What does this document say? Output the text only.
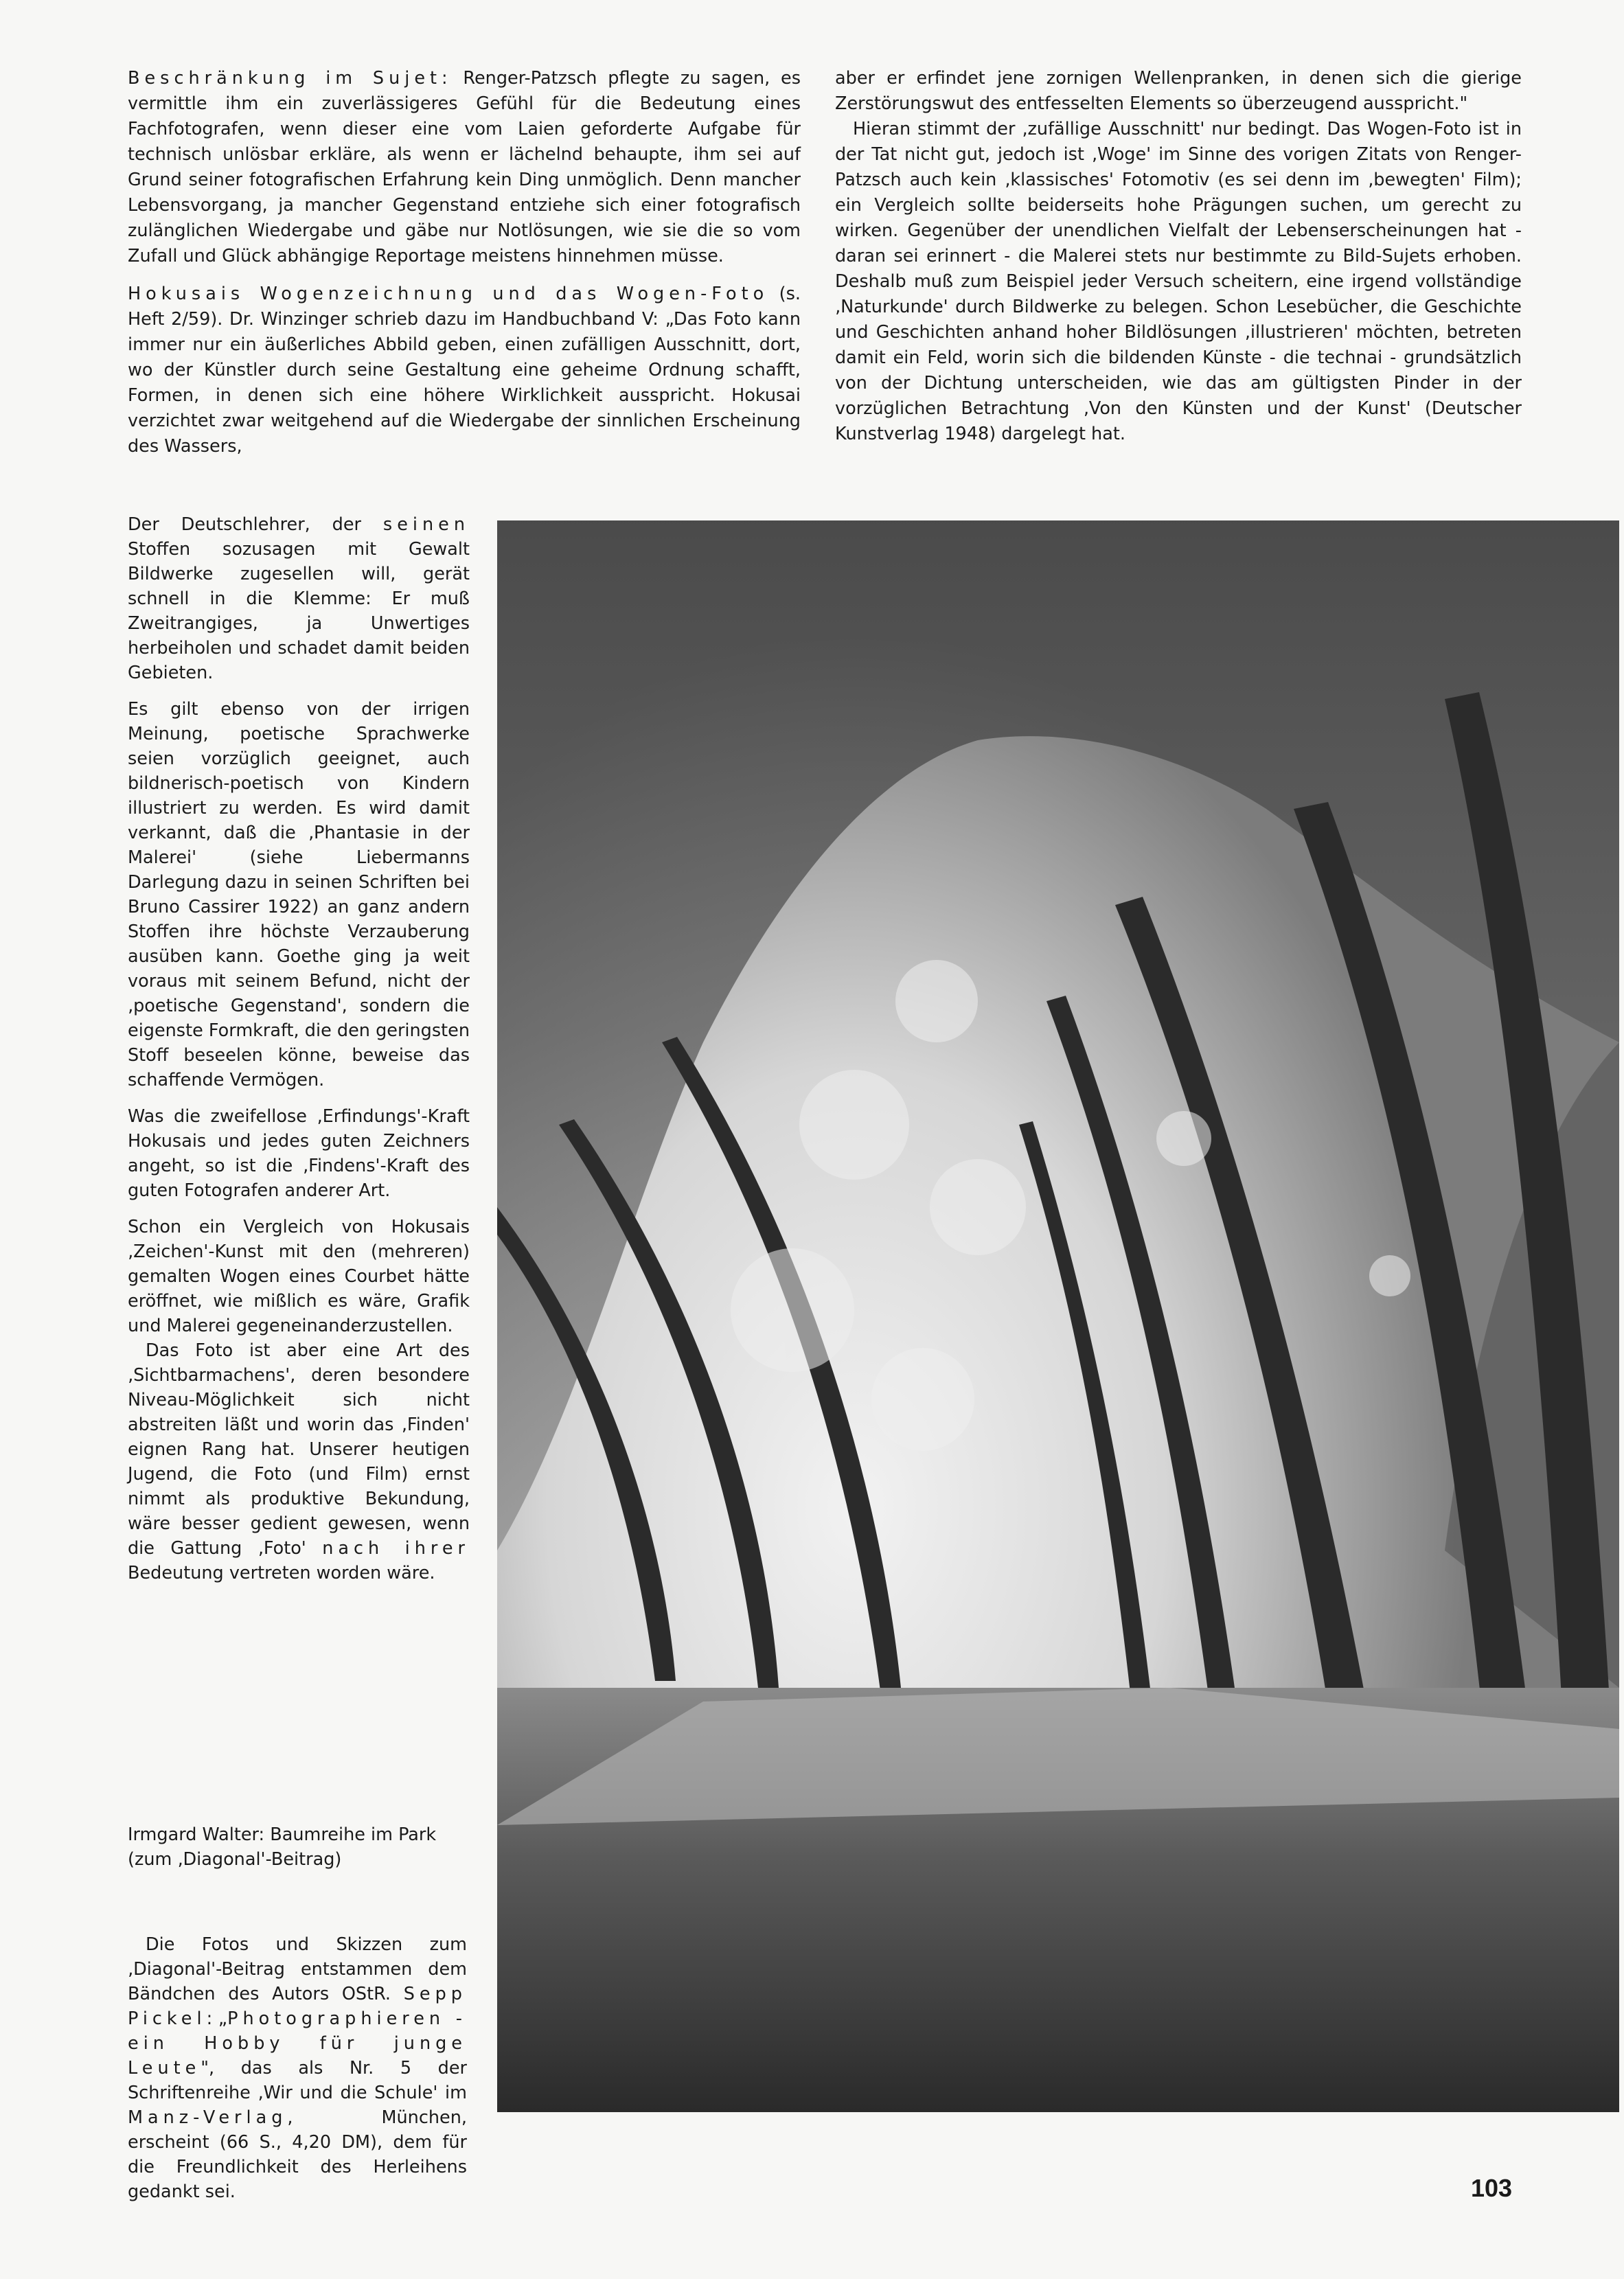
Beschränkung im Sujet: Renger-Patzsch pflegte zu sagen, es vermittle ihm ein zuverlässigeres Gefühl für die Bedeutung eines Fachfotografen, wenn dieser eine vom Laien geforderte Aufgabe für technisch unlösbar erkläre, als wenn er lächelnd behaupte, ihm sei auf Grund seiner fotografischen Erfahrung kein Ding unmöglich. Denn mancher Lebensvorgang, ja mancher Gegenstand entziehe sich einer fotografisch zulänglichen Wiedergabe und gäbe nur Notlösungen, wie sie die so vom Zufall und Glück abhängige Reportage meistens hinnehmen müsse.

Hokusais Wogenzeichnung und das Wogen-Foto (s. Heft 2/59). Dr. Winzinger schrieb dazu im Handbuchband V: „Das Foto kann immer nur ein äußerliches Abbild geben, einen zufälligen Ausschnitt, dort, wo der Künstler durch seine Gestaltung eine geheime Ordnung schafft, Formen, in denen sich eine höhere Wirklichkeit ausspricht. Hokusai verzichtet zwar weitgehend auf die Wiedergabe der sinnlichen Erscheinung des Wassers,

aber er erfindet jene zornigen Wellenpranken, in denen sich die gierige Zerstörungswut des entfesselten Elements so überzeugend ausspricht."

Hieran stimmt der ‚zufällige Ausschnitt' nur bedingt. Das Wogen-Foto ist in der Tat nicht gut, jedoch ist ‚Woge' im Sinne des vorigen Zitats von Renger-Patzsch auch kein ‚klassisches' Fotomotiv (es sei denn im ‚bewegten' Film); ein Vergleich sollte beiderseits hohe Prägungen suchen, um gerecht zu wirken. Gegenüber der unendlichen Vielfalt der Lebenserscheinungen hat - daran sei erinnert - die Malerei stets nur bestimmte zu Bild-Sujets erhoben. Deshalb muß zum Beispiel jeder Versuch scheitern, eine irgend vollständige ‚Naturkunde' durch Bildwerke zu belegen. Schon Lesebücher, die Geschichte und Geschichten anhand hoher Bildlösungen ‚illustrieren' möchten, betreten damit ein Feld, worin sich die bildenden Künste - die technai - grundsätzlich von der Dichtung unterscheiden, wie das am gültigsten Pinder in der vorzüglichen Betrachtung ‚Von den Künsten und der Kunst' (Deutscher Kunstverlag 1948) dargelegt hat.

Der Deutschlehrer, der seinen Stoffen sozusagen mit Gewalt Bildwerke zugesellen will, gerät schnell in die Klemme: Er muß Zweitrangiges, ja Unwertiges herbeiholen und schadet damit beiden Gebieten.

Es gilt ebenso von der irrigen Meinung, poetische Sprachwerke seien vorzüglich geeignet, auch bildnerisch-poetisch von Kindern illustriert zu werden. Es wird damit verkannt, daß die ‚Phantasie in der Malerei' (siehe Liebermanns Darlegung dazu in seinen Schriften bei Bruno Cassirer 1922) an ganz andern Stoffen ihre höchste Verzauberung ausüben kann. Goethe ging ja weit voraus mit seinem Befund, nicht der ‚poetische Gegenstand', sondern die eigenste Formkraft, die den geringsten Stoff beseelen könne, beweise das schaffende Vermögen.

Was die zweifellose ‚Erfindungs'-Kraft Hokusais und jedes guten Zeichners angeht, so ist die ‚Findens'-Kraft des guten Fotografen anderer Art.

Schon ein Vergleich von Hokusais ‚Zeichen'-Kunst mit den (mehreren) gemalten Wogen eines Courbet hätte eröffnet, wie mißlich es wäre, Grafik und Malerei gegeneinanderzustellen.

Das Foto ist aber eine Art des ‚Sichtbarmachens', deren besondere Niveau-Möglichkeit sich nicht abstreiten läßt und worin das ‚Finden' eignen Rang hat. Unserer heutigen Jugend, die Foto (und Film) ernst nimmt als produktive Bekundung, wäre besser gedient gewesen, wenn die Gattung ‚Foto' nach ihrer Bedeutung vertreten worden wäre.

Irmgard Walter: Baumreihe im Park
(zum ‚Diagonal'-Beitrag)

Die Fotos und Skizzen zum ‚Diagonal'-Beitrag entstammen dem Bändchen des Autors OStR. Sepp Pickel: „Photographieren - ein Hobby für junge Leute", das als Nr. 5 der Schriftenreihe ‚Wir und die Schule' im Manz-Verlag, München, erscheint (66 S., 4,20 DM), dem für die Freundlichkeit des Herleihens gedankt sei.	103
